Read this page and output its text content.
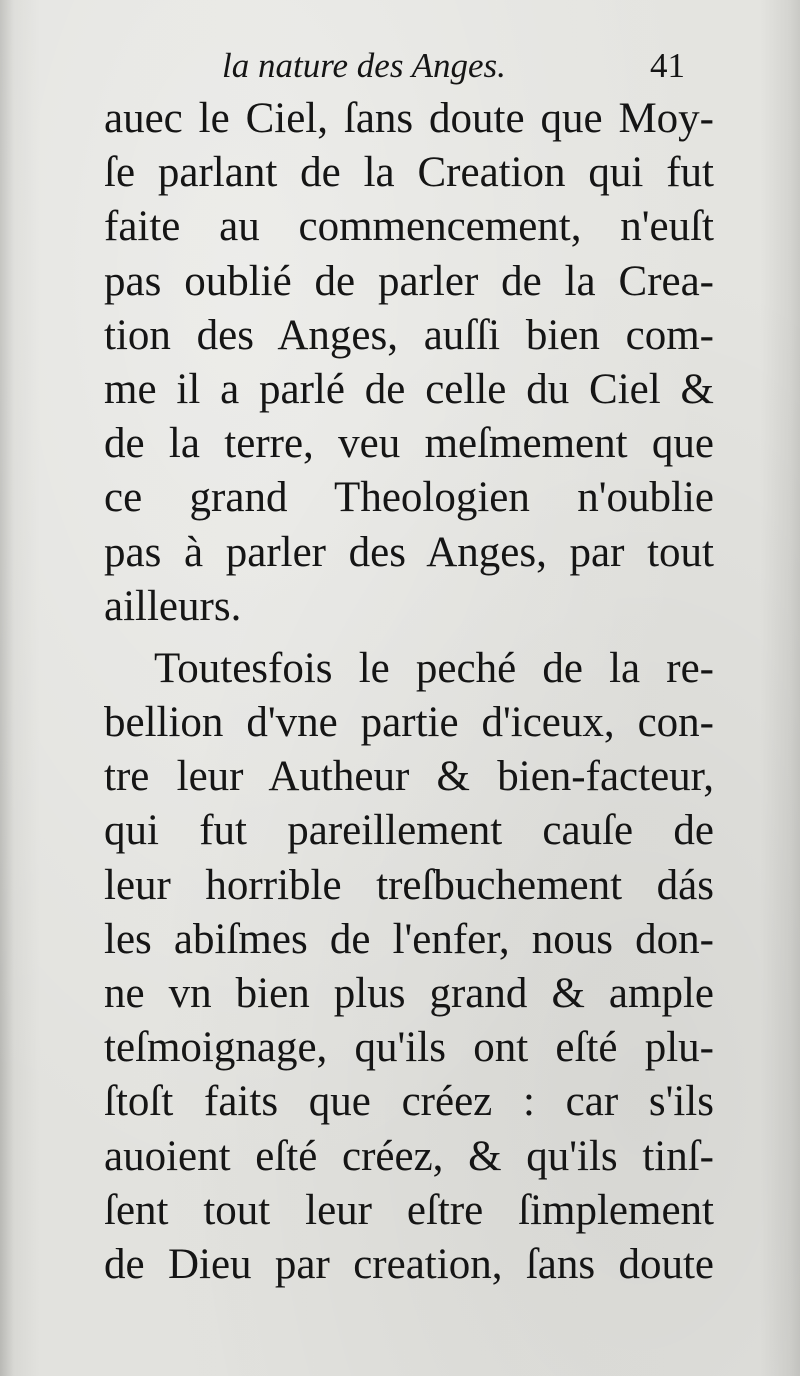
la nature des Anges.	41
auec le Ciel, ſans doute que Moy-
ſe parlant de la Creation qui fut
faite au commencement, n'euſt
pas oublié de parler de la Crea-
tion des Anges, auſſi bien com-
me il a parlé de celle du Ciel &
de la terre, veu meſmement que
ce grand Theologien n'oublie
pas à parler des Anges, par tout
ailleurs.
Toutesfois le peché de la re-
bellion d'vne partie d'iceux, con-
tre leur Autheur & bien-facteur,
qui fut pareillement cauſe de
leur horrible treſbuchement dás
les abiſmes de l'enfer, nous don-
ne vn bien plus grand & ample
teſmoignage, qu'ils ont eſté plu-
ſtoſt faits que créez : car s'ils
auoient eſté créez, & qu'ils tinſ-
ſent tout leur eſtre ſimplement
de Dieu par creation, ſans doute
